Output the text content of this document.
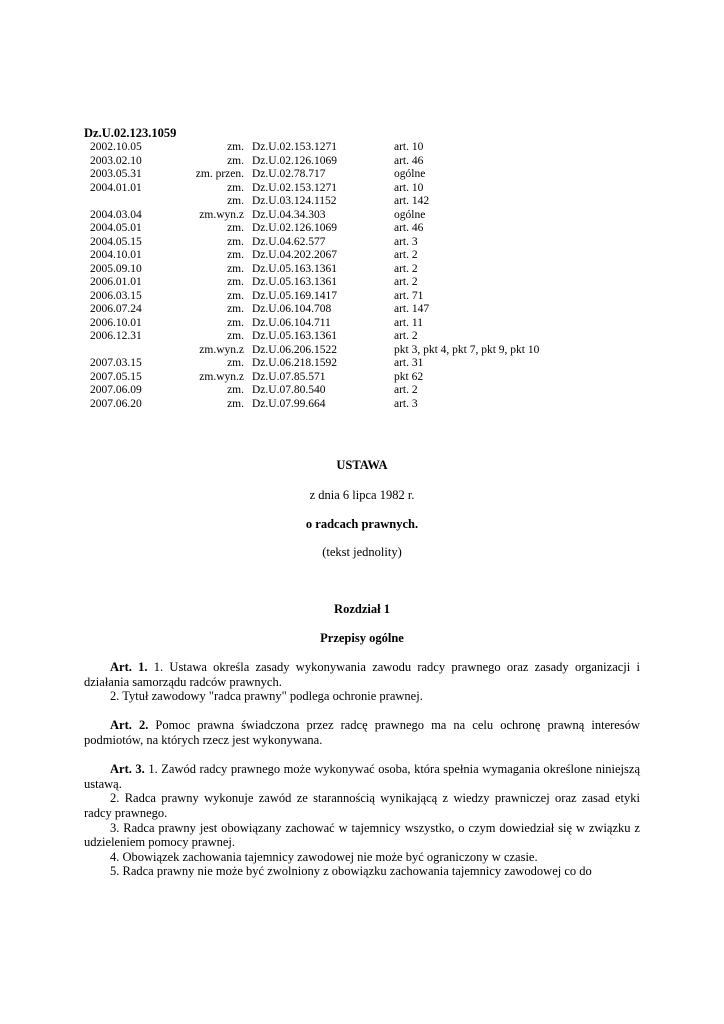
Dz.U.02.123.1059
2002.10.05	zm.	Dz.U.02.153.1271	art. 10
2003.02.10	zm.	Dz.U.02.126.1069	art. 46
2003.05.31	zm. przen.	Dz.U.02.78.717	ogólne
2004.01.01	zm.	Dz.U.02.153.1271	art. 10
	zm.	Dz.U.03.124.1152	art. 142
2004.03.04	zm.wyn.z	Dz.U.04.34.303	ogólne
2004.05.01	zm.	Dz.U.02.126.1069	art. 46
2004.05.15	zm.	Dz.U.04.62.577	art. 3
2004.10.01	zm.	Dz.U.04.202.2067	art. 2
2005.09.10	zm.	Dz.U.05.163.1361	art. 2
2006.01.01	zm.	Dz.U.05.163.1361	art. 2
2006.03.15	zm.	Dz.U.05.169.1417	art. 71
2006.07.24	zm.	Dz.U.06.104.708	art. 147
2006.10.01	zm.	Dz.U.06.104.711	art. 11
2006.12.31	zm.	Dz.U.05.163.1361	art. 2
	zm.wyn.z	Dz.U.06.206.1522	pkt 3, pkt 4, pkt 7, pkt 9, pkt 10
2007.03.15	zm.	Dz.U.06.218.1592	art. 31
2007.05.15	zm.wyn.z	Dz.U.07.85.571	pkt 62
2007.06.09	zm.	Dz.U.07.80.540	art. 2
2007.06.20	zm.	Dz.U.07.99.664	art. 3
USTAWA
z dnia 6 lipca 1982 r.
o radcach prawnych.
(tekst jednolity)
Rozdział 1
Przepisy ogólne

Art. 1. 1. Ustawa określa zasady wykonywania zawodu radcy prawnego oraz zasady organizacji i działania samorządu radców prawnych.

2. Tytuł zawodowy "radca prawny" podlega ochronie prawnej.

Art. 2. Pomoc prawna świadczona przez radcę prawnego ma na celu ochronę prawną interesów podmiotów, na których rzecz jest wykonywana.

Art. 3. 1. Zawód radcy prawnego może wykonywać osoba, która spełnia wymagania określone niniejszą ustawą.

2. Radca prawny wykonuje zawód ze starannością wynikającą z wiedzy prawniczej oraz zasad etyki radcy prawnego.

3. Radca prawny jest obowiązany zachować w tajemnicy wszystko, o czym dowiedział się w związku z udzieleniem pomocy prawnej.

4. Obowiązek zachowania tajemnicy zawodowej nie może być ograniczony w czasie.

5. Radca prawny nie może być zwolniony z obowiązku zachowania tajemnicy zawodowej co do
